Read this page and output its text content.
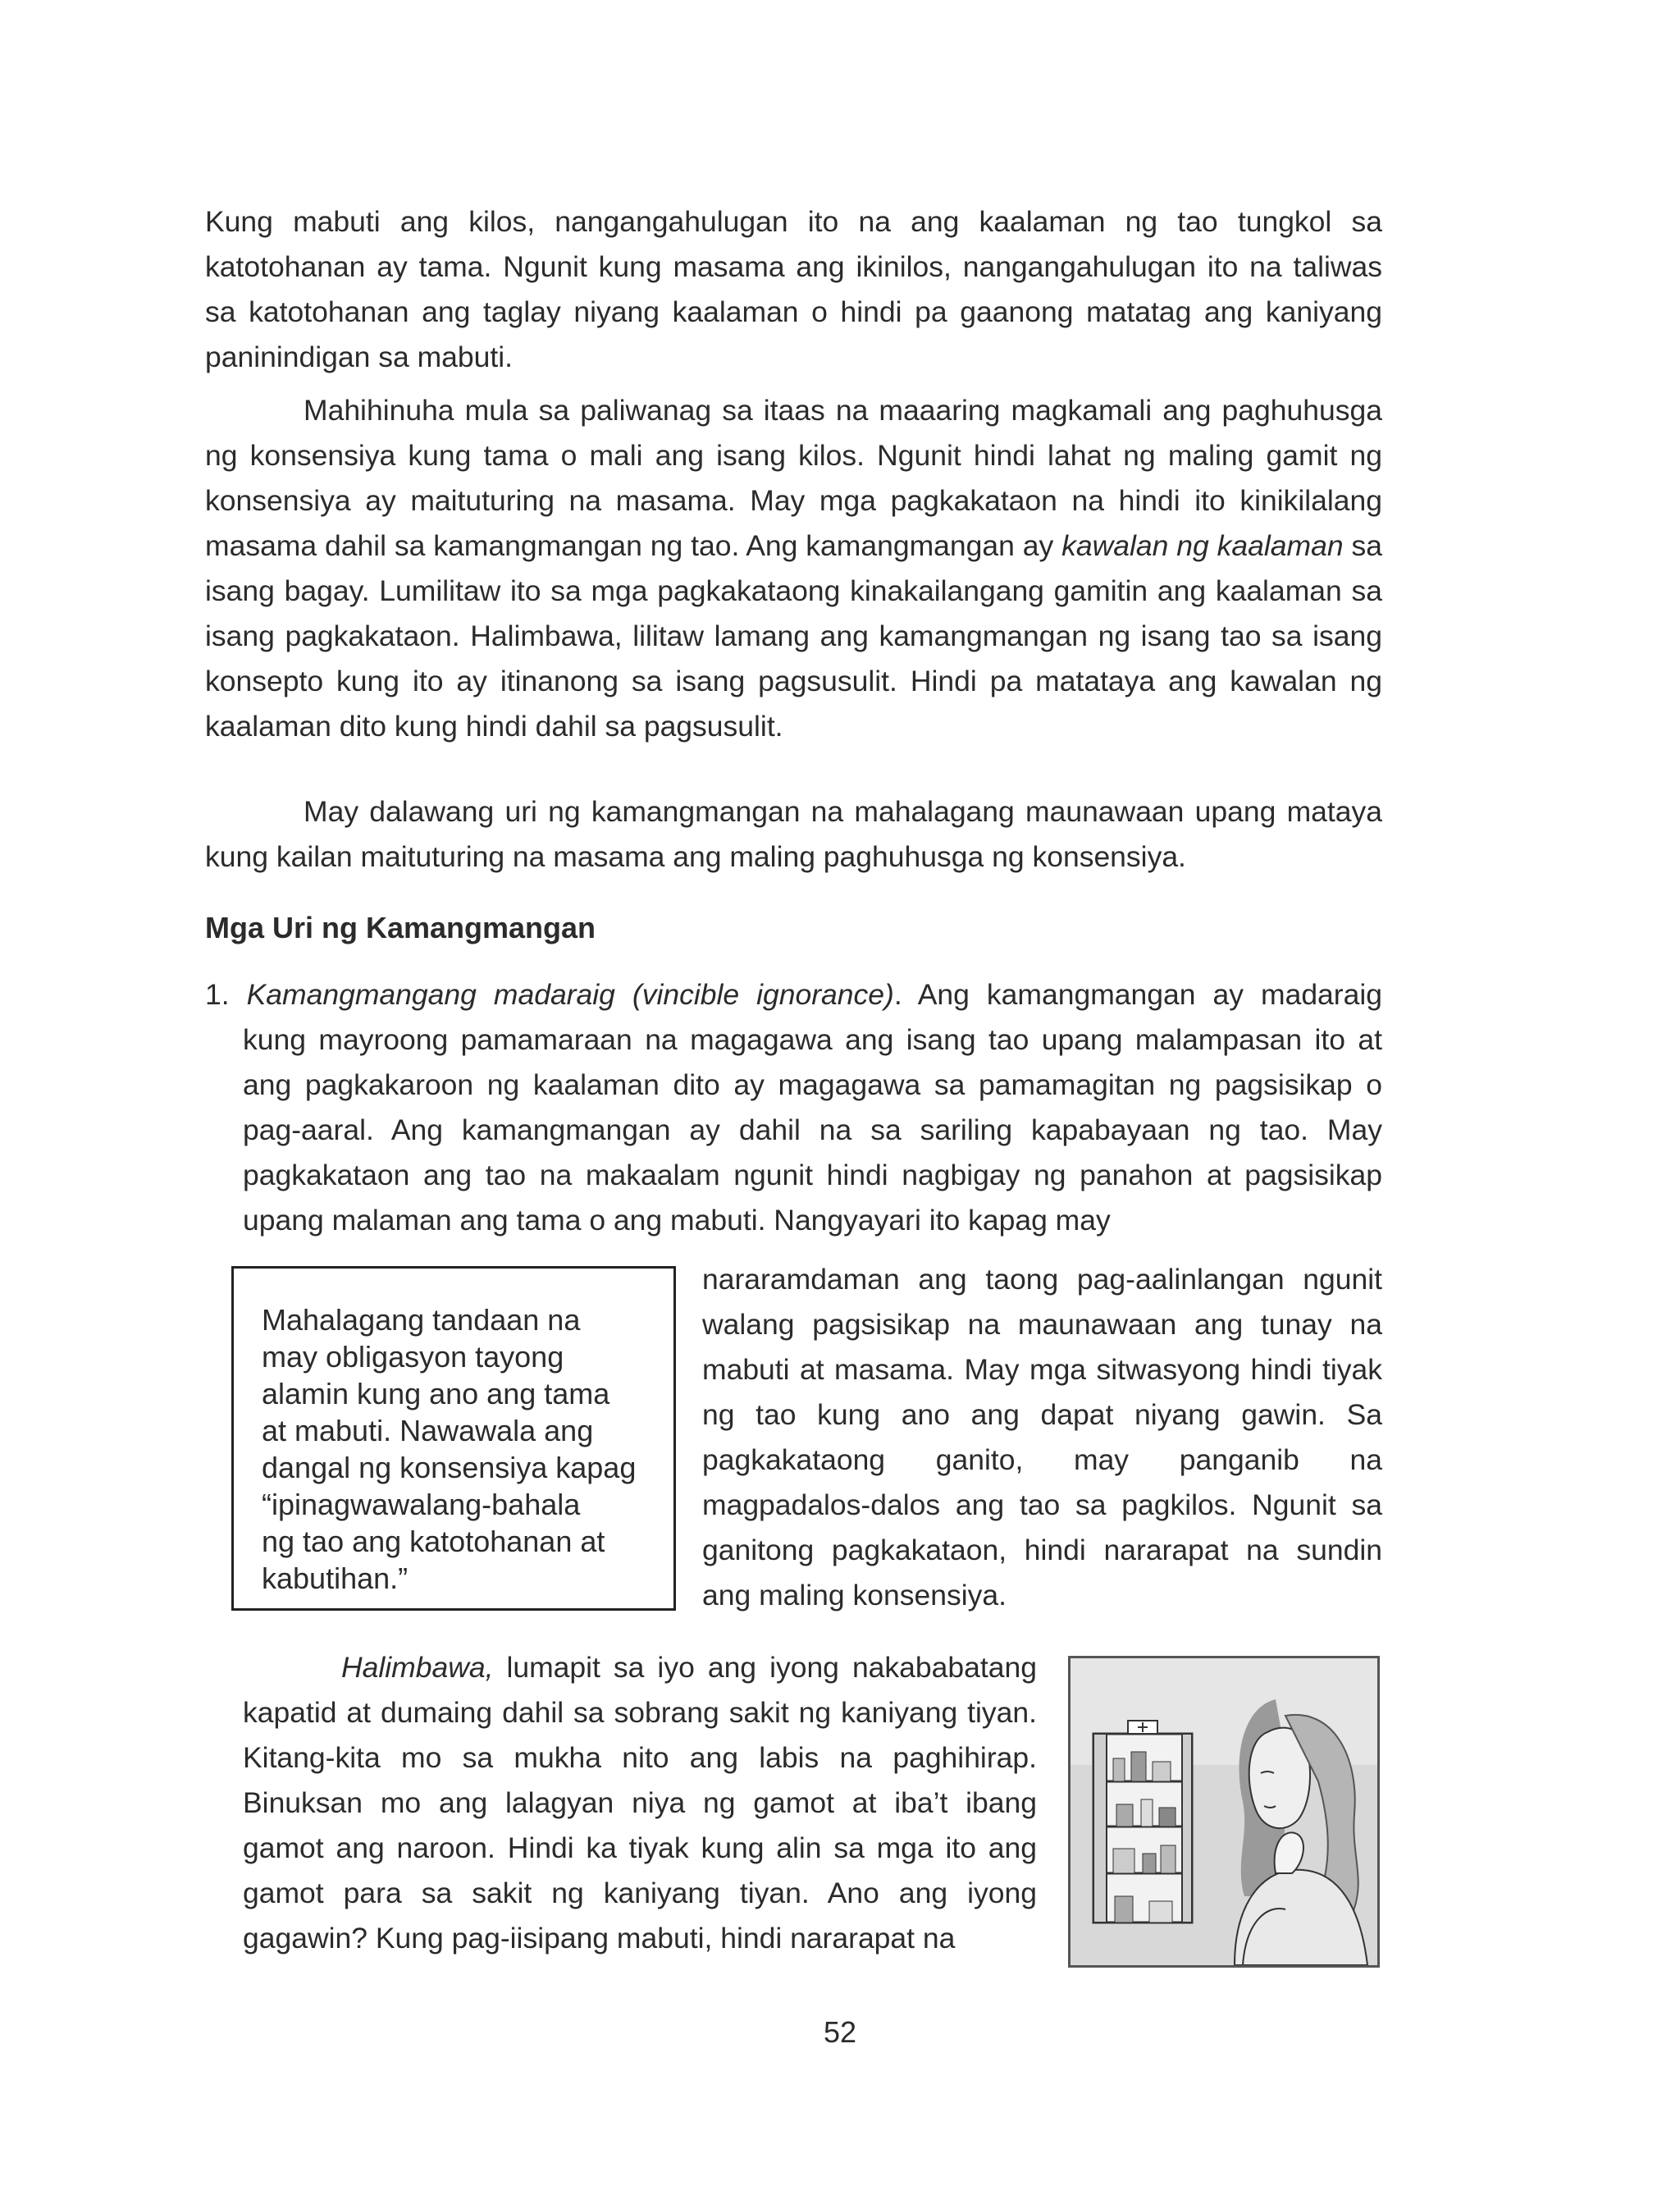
Kung mabuti ang kilos, nangangahulugan ito na ang kaalaman ng tao tungkol sa katotohanan ay tama. Ngunit kung masama ang ikinilos, nangangahulugan ito na taliwas sa katotohanan ang taglay niyang kaalaman o hindi pa gaanong matatag ang kaniyang paninindigan sa mabuti.

Mahihinuha mula sa paliwanag sa itaas na maaaring magkamali ang paghuhusga ng konsensiya kung tama o mali ang isang kilos. Ngunit hindi lahat ng maling gamit ng konsensiya ay maituturing na masama. May mga pagkakataon na hindi ito kinikilalang masama dahil sa kamangmangan ng tao. Ang kamangmangan ay kawalan ng kaalaman sa isang bagay. Lumilitaw ito sa mga pagkakataong kinakailangang gamitin ang kaalaman sa isang pagkakataon. Halimbawa, lilitaw lamang ang kamangmangan ng isang tao sa isang konsepto kung ito ay itinanong sa isang pagsusulit. Hindi pa matataya ang kawalan ng kaalaman dito kung hindi dahil sa pagsusulit.

May dalawang uri ng kamangmangan na mahalagang maunawaan upang mataya kung kailan maituturing na masama ang maling paghuhusga ng konsensiya.

Mga Uri ng Kamangmangan

1. Kamangmangang madaraig (vincible ignorance). Ang kamangmangan ay madaraig

kung mayroong pamamaraan na magagawa ang isang tao upang malampasan ito at ang pagkakaroon ng kaalaman dito ay magagawa sa pamamagitan ng pagsisikap o pag-aaral. Ang kamangmangan ay dahil na sa sariling kapabayaan ng tao. May pagkakataon ang tao na makaalam ngunit hindi nagbigay ng panahon at pagsisikap upang malaman ang tama o ang mabuti. Nangyayari ito kapag may

Mahalagang tandaan na
may obligasyon tayong
alamin kung ano ang tama
at mabuti. Nawawala ang
dangal ng konsensiya kapag
“ipinagwawalang-bahala
ng tao ang katotohanan at
kabutihan.”

nararamdaman ang taong pag-aalinlangan ngunit walang pagsisikap na maunawaan ang tunay na mabuti at masama. May mga sitwasyong hindi tiyak ng tao kung ano ang dapat niyang gawin. Sa pagkakataong ganito, may panganib na magpadalos-dalos ang tao sa pagkilos. Ngunit sa ganitong pagkakataon, hindi nararapat na sundin ang maling konsensiya.

Halimbawa, lumapit sa iyo ang iyong nakababatang kapatid at dumaing dahil sa sobrang sakit ng kaniyang tiyan. Kitang-kita mo sa mukha nito ang labis na paghihirap. Binuksan mo ang lalagyan niya ng gamot at iba’t ibang gamot ang naroon. Hindi ka tiyak kung alin sa mga ito ang gamot para sa sakit ng kaniyang tiyan. Ano ang iyong gagawin? Kung pag-iisipang mabuti, hindi nararapat na

52
